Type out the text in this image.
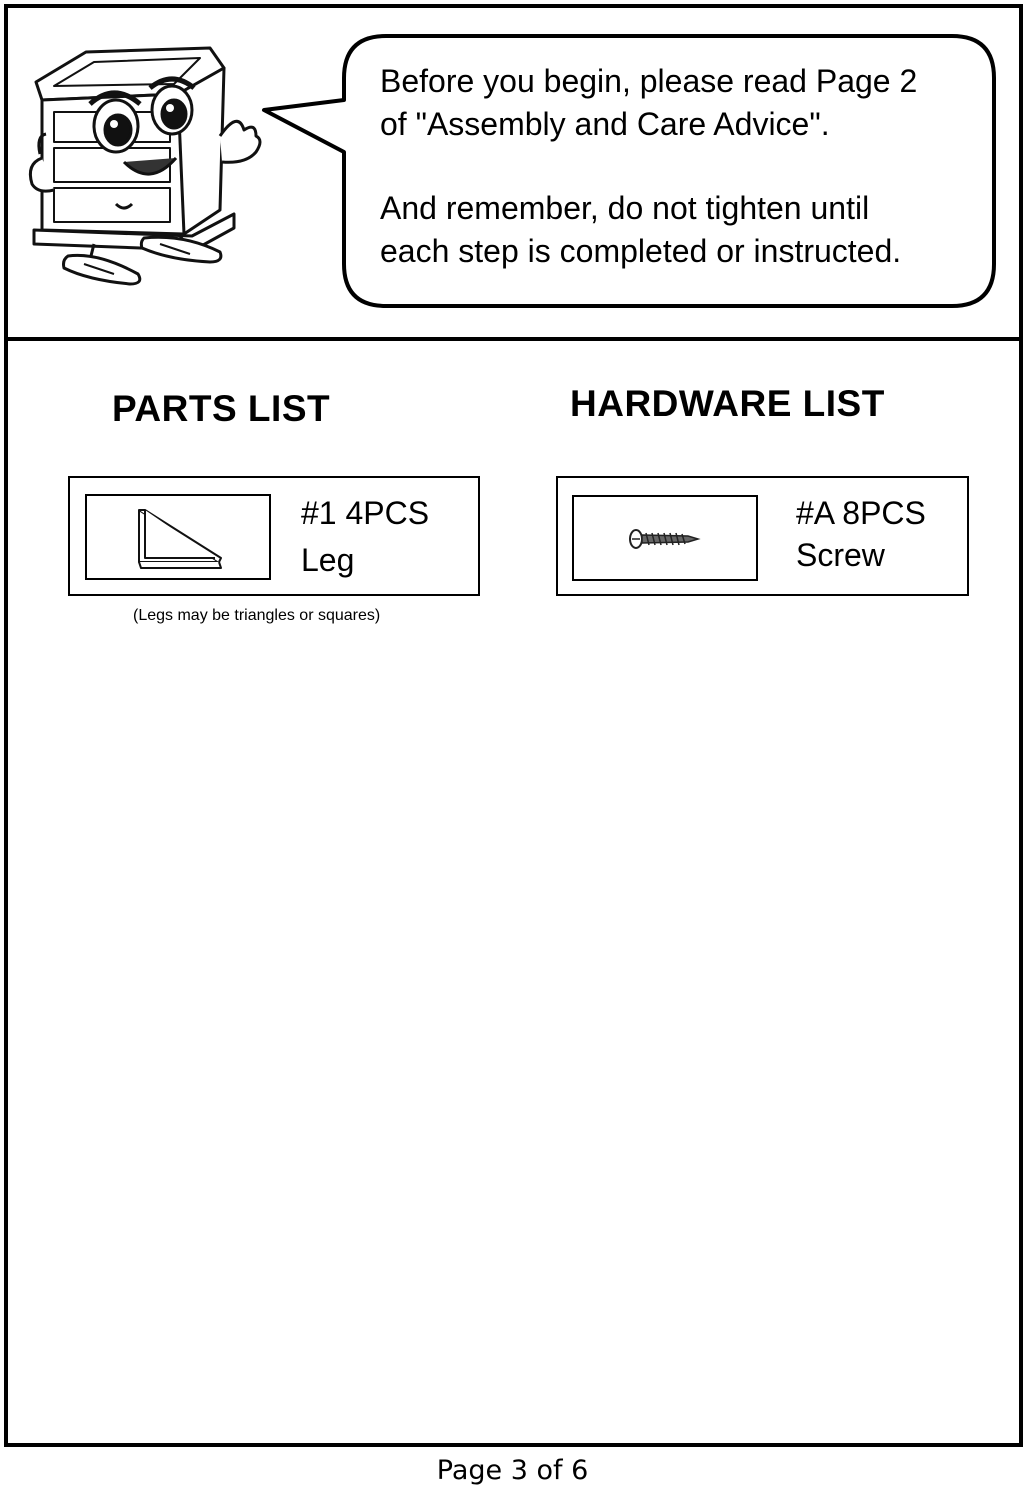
Before you begin, please read Page 2
of "Assembly and Care Advice".
And remember, do not tighten until
each step is completed or instructed.
PARTS LIST
#1 4PCS
Leg
(Legs may be triangles or squares)
HARDWARE LIST
#A 8PCS
Screw
Page 3 of 6
